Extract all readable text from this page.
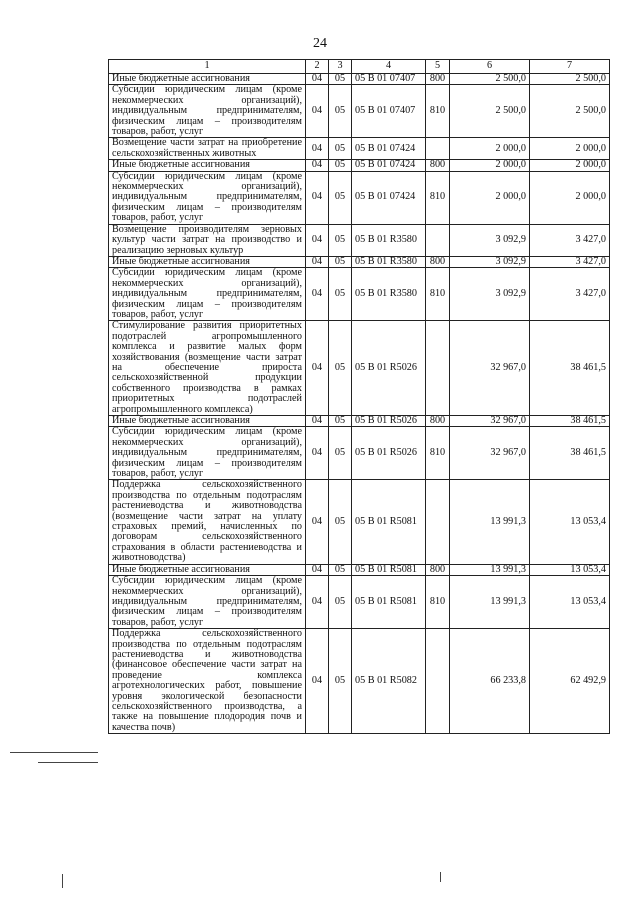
24
1	2	3	4	5	6	7
Иные бюджетные ассигнования	04	05	05 B 01 07407	800	2 500,0	2 500,0
Субсидии юридическим лицам (кроме некоммерческих организаций), индивидуальным предпринимателям, физическим лицам – производителям товаров, работ, услуг	04	05	05 B 01 07407	810	2 500,0	2 500,0
Возмещение части затрат на приобретение сельскохозяйственных животных	04	05	05 B 01 07424		2 000,0	2 000,0
Иные бюджетные ассигнования	04	05	05 B 01 07424	800	2 000,0	2 000,0
Субсидии юридическим лицам (кроме некоммерческих организаций), индивидуальным предпринимателям, физическим лицам – производителям товаров, работ, услуг	04	05	05 B 01 07424	810	2 000,0	2 000,0
Возмещение производителям зерновых культур части затрат на производство и реализацию зерновых культур	04	05	05 B 01 R3580		3 092,9	3 427,0
Иные бюджетные ассигнования	04	05	05 B 01 R3580	800	3 092,9	3 427,0
Субсидии юридическим лицам (кроме некоммерческих организаций), индивидуальным предпринимателям, физическим лицам – производителям товаров, работ, услуг	04	05	05 B 01 R3580	810	3 092,9	3 427,0
Стимулирование развития приоритетных подотраслей агропромышленного комплекса и развитие малых форм хозяйствования (возмещение части затрат на обеспечение прироста сельскохозяйственной продукции собственного производства в рамках приоритетных подотраслей агропромышленного комплекса)	04	05	05 B 01 R5026		32 967,0	38 461,5
Иные бюджетные ассигнования	04	05	05 B 01 R5026	800	32 967,0	38 461,5
Субсидии юридическим лицам (кроме некоммерческих организаций), индивидуальным предпринимателям, физическим лицам – производителям товаров, работ, услуг	04	05	05 B 01 R5026	810	32 967,0	38 461,5
Поддержка сельскохозяйственного производства по отдельным подотраслям растениеводства и животноводства (возмещение части затрат на уплату страховых премий, начисленных по договорам сельскохозяйственного страхования в области растениеводства и животноводства)	04	05	05 B 01 R5081		13 991,3	13 053,4
Иные бюджетные ассигнования	04	05	05 B 01 R5081	800	13 991,3	13 053,4
Субсидии юридическим лицам (кроме некоммерческих организаций), индивидуальным предпринимателям, физическим лицам – производителям товаров, работ, услуг	04	05	05 B 01 R5081	810	13 991,3	13 053,4
Поддержка сельскохозяйственного производства по отдельным подотраслям растениеводства и животноводства (финансовое обеспечение части затрат на проведение комплекса агротехнологических работ, повышение уровня экологической безопасности сельскохозяйственного производства, а также на повышение плодородия почв и качества почв)	04	05	05 B 01 R5082		66 233,8	62 492,9
